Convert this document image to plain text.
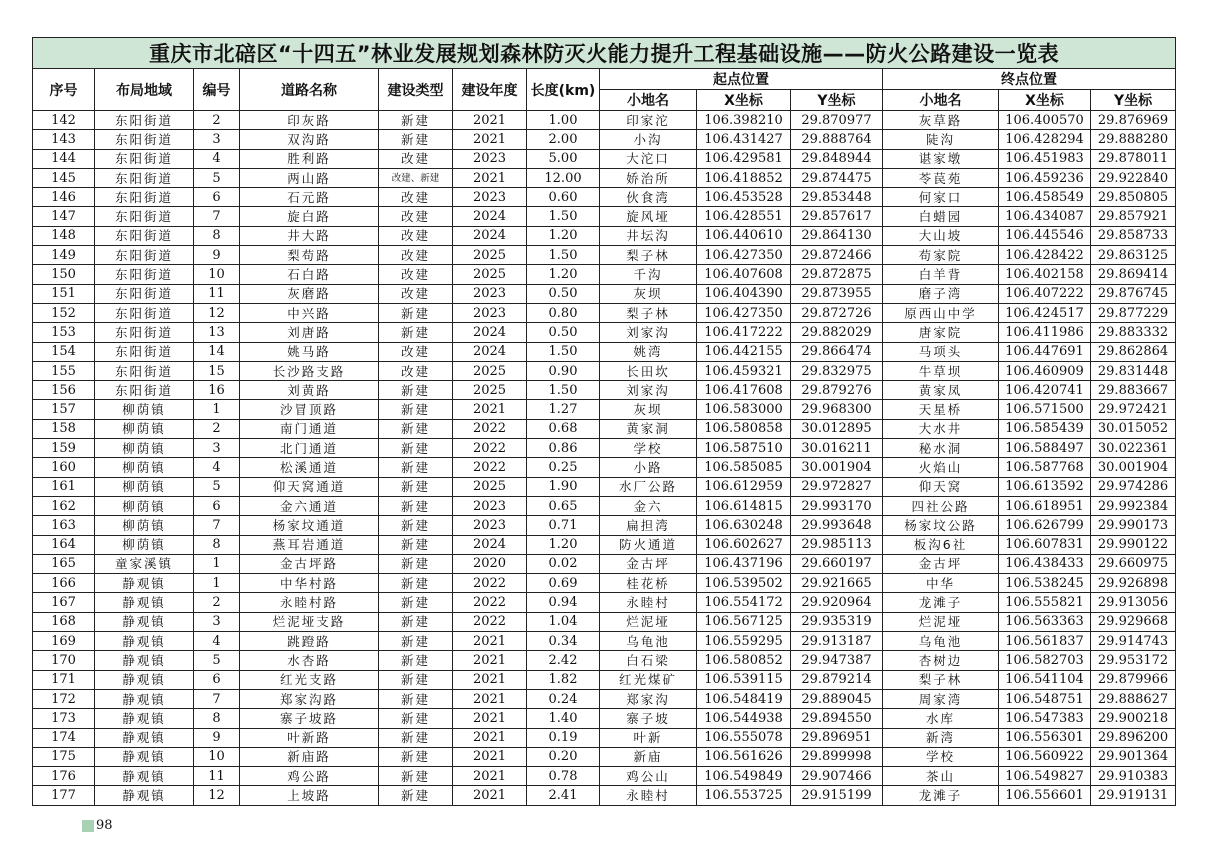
重庆市北碚区“十四五”林业发展规划森林防灭火能力提升工程基础设施——防火公路建设一览表												
序号	布局地域	编号	道路名称	建设类型	建设年度	长度(km)	起点位置			终点位置		
							小地名	X坐标	Y坐标	小地名	X坐标	Y坐标
142	东阳街道	2	印灰路	新建	2021	1.00	印家沱	106.398210	29.870977	灰草路	106.400570	29.876969
143	东阳街道	3	双沟路	新建	2021	2.00	小沟	106.431427	29.888764	陡沟	106.428294	29.888280
144	东阳街道	4	胜利路	改建	2023	5.00	大沱口	106.429581	29.848944	谌家墩	106.451983	29.878011
145	东阳街道	5	两山路	改建、新建	2021	12.00	娇治所	106.418852	29.874475	苓苠苑	106.459236	29.922840
146	东阳街道	6	石元路	改建	2023	0.60	伙食湾	106.453528	29.853448	何家口	106.458549	29.850805
147	东阳街道	7	旋白路	改建	2024	1.50	旋风垭	106.428551	29.857617	白蜡园	106.434087	29.857921
148	东阳街道	8	井大路	改建	2024	1.20	井坛沟	106.440610	29.864130	大山坡	106.445546	29.858733
149	东阳街道	9	梨苟路	改建	2025	1.50	梨子林	106.427350	29.872466	苟家院	106.428422	29.863125
150	东阳街道	10	石白路	改建	2025	1.20	千沟	106.407608	29.872875	白羊背	106.402158	29.869414
151	东阳街道	11	灰磨路	改建	2023	0.50	灰坝	106.404390	29.873955	磨子湾	106.407222	29.876745
152	东阳街道	12	中兴路	新建	2023	0.80	梨子林	106.427350	29.872726	原西山中学	106.424517	29.877229
153	东阳街道	13	刘唐路	新建	2024	0.50	刘家沟	106.417222	29.882029	唐家院	106.411986	29.883332
154	东阳街道	14	姚马路	改建	2024	1.50	姚湾	106.442155	29.866474	马项头	106.447691	29.862864
155	东阳街道	15	长沙路支路	改建	2025	0.90	长田坎	106.459321	29.832975	牛草坝	106.460909	29.831448
156	东阳街道	16	刘黄路	新建	2025	1.50	刘家沟	106.417608	29.879276	黄家凤	106.420741	29.883667
157	柳荫镇	1	沙冒顶路	新建	2021	1.27	灰坝	106.583000	29.968300	天星桥	106.571500	29.972421
158	柳荫镇	2	南门通道	新建	2022	0.68	黄家洞	106.580858	30.012895	大水井	106.585439	30.015052
159	柳荫镇	3	北门通道	新建	2022	0.86	学校	106.587510	30.016211	秘水洞	106.588497	30.022361
160	柳荫镇	4	松溪通道	新建	2022	0.25	小路	106.585085	30.001904	火焰山	106.587768	30.001904
161	柳荫镇	5	仰天窝通道	新建	2025	1.90	水厂公路	106.612959	29.972827	仰天窝	106.613592	29.974286
162	柳荫镇	6	金六通道	新建	2023	0.65	金六	106.614815	29.993170	四社公路	106.618951	29.992384
163	柳荫镇	7	杨家坟通道	新建	2023	0.71	扁担湾	106.630248	29.993648	杨家坟公路	106.626799	29.990173
164	柳荫镇	8	燕耳岩通道	新建	2024	1.20	防火通道	106.602627	29.985113	板沟6社	106.607831	29.990122
165	童家溪镇	1	金古坪路	新建	2020	0.02	金古坪	106.437196	29.660197	金古坪	106.438433	29.660975
166	静观镇	1	中华村路	新建	2022	0.69	桂花桥	106.539502	29.921665	中华	106.538245	29.926898
167	静观镇	2	永睦村路	新建	2022	0.94	永睦村	106.554172	29.920964	龙滩子	106.555821	29.913056
168	静观镇	3	烂泥垭支路	新建	2022	1.04	烂泥垭	106.567125	29.935319	烂泥垭	106.563363	29.929668
169	静观镇	4	跳蹬路	新建	2021	0.34	乌龟池	106.559295	29.913187	乌龟池	106.561837	29.914743
170	静观镇	5	水杏路	新建	2021	2.42	白石梁	106.580852	29.947387	杏树边	106.582703	29.953172
171	静观镇	6	红光支路	新建	2021	1.82	红光煤矿	106.539115	29.879214	梨子林	106.541104	29.879966
172	静观镇	7	郑家沟路	新建	2021	0.24	郑家沟	106.548419	29.889045	周家湾	106.548751	29.888627
173	静观镇	8	寨子坡路	新建	2021	1.40	寨子坡	106.544938	29.894550	水库	106.547383	29.900218
174	静观镇	9	叶新路	新建	2021	0.19	叶新	106.555078	29.896951	新湾	106.556301	29.896200
175	静观镇	10	新庙路	新建	2021	0.20	新庙	106.561626	29.899998	学校	106.560922	29.901364
176	静观镇	11	鸡公路	新建	2021	0.78	鸡公山	106.549849	29.907466	茶山	106.549827	29.910383
177	静观镇	12	上坡路	新建	2021	2.41	永睦村	106.553725	29.915199	龙滩子	106.556601	29.919131
98
